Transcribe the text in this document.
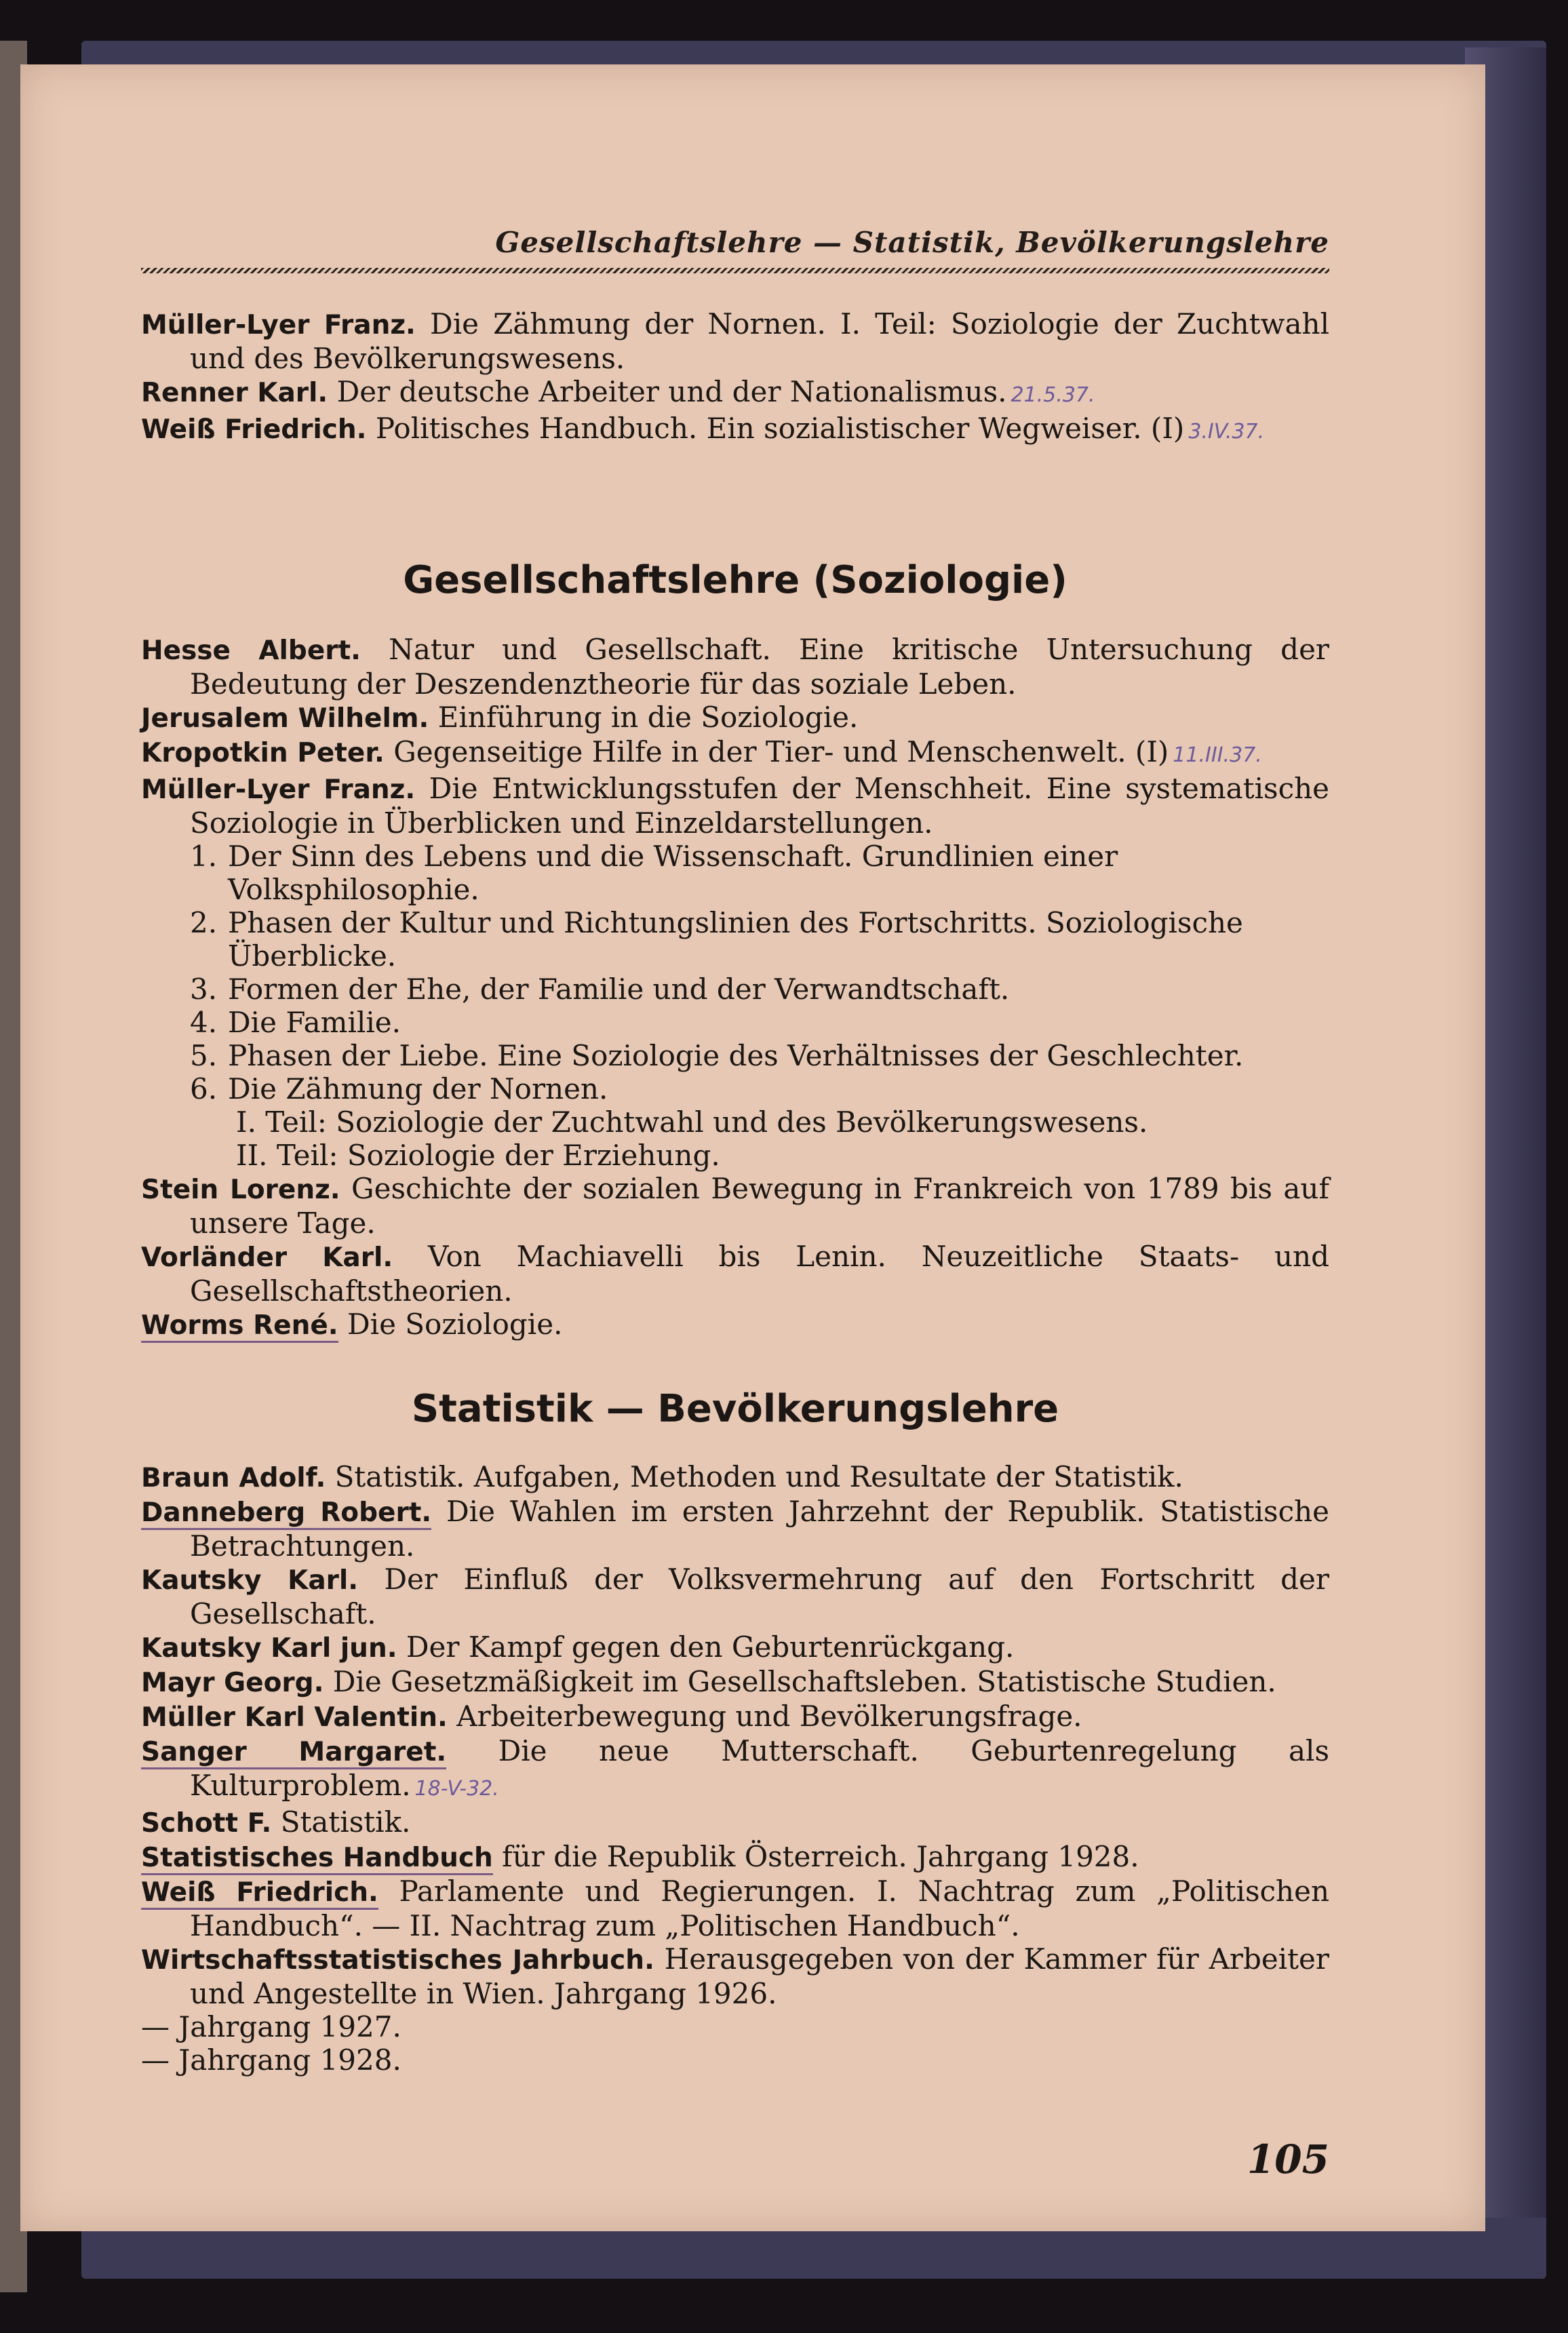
Gesellschaftslehre — Statistik, Bevölkerungslehre

Müller-Lyer Franz. Die Zähmung der Nornen. I. Teil: Soziologie der Zuchtwahl und des Bevölkerungswesens.

Renner Karl. Der deutsche Arbeiter und der Nationalismus. 21.5.37.

Weiß Friedrich. Politisches Handbuch. Ein sozialistischer Wegweiser. (I) 3.IV.37.

Gesellschaftslehre (Soziologie)

Hesse Albert. Natur und Gesellschaft. Eine kritische Untersuchung der Bedeutung der Deszendenztheorie für das soziale Leben.

Jerusalem Wilhelm. Einführung in die Soziologie.

Kropotkin Peter. Gegenseitige Hilfe in der Tier- und Menschenwelt. (I) 11.III.37.

Müller-Lyer Franz. Die Entwicklungsstufen der Menschheit. Eine systematische Soziologie in Überblicken und Einzeldarstellungen.

1. Der Sinn des Lebens und die Wissenschaft. Grundlinien einer Volksphilosophie.

2. Phasen der Kultur und Richtungslinien des Fortschritts. Soziologische Überblicke.

3. Formen der Ehe, der Familie und der Verwandtschaft.

4. Die Familie.

5. Phasen der Liebe. Eine Soziologie des Verhältnisses der Geschlechter.

6. Die Zähmung der Nornen.

I. Teil: Soziologie der Zuchtwahl und des Bevölkerungswesens.

II. Teil: Soziologie der Erziehung.

Stein Lorenz. Geschichte der sozialen Bewegung in Frankreich von 1789 bis auf unsere Tage.

Vorländer Karl. Von Machiavelli bis Lenin. Neuzeitliche Staats- und Gesellschaftstheorien.

Worms René. Die Soziologie.

Statistik — Bevölkerungslehre

Braun Adolf. Statistik. Aufgaben, Methoden und Resultate der Statistik.

Danneberg Robert. Die Wahlen im ersten Jahrzehnt der Republik. Statistische Betrachtungen.

Kautsky Karl. Der Einfluß der Volksvermehrung auf den Fortschritt der Gesellschaft.

Kautsky Karl jun. Der Kampf gegen den Geburtenrückgang.

Mayr Georg. Die Gesetzmäßigkeit im Gesellschaftsleben. Statistische Studien.

Müller Karl Valentin. Arbeiterbewegung und Bevölkerungsfrage.

Sanger Margaret. Die neue Mutterschaft. Geburtenregelung als Kulturproblem. 18-V-32.

Schott F. Statistik.

Statistisches Handbuch für die Republik Österreich. Jahrgang 1928.

Weiß Friedrich. Parlamente und Regierungen. I. Nachtrag zum „Politischen Handbuch“. — II. Nachtrag zum „Politischen Handbuch“.

Wirtschaftsstatistisches Jahrbuch. Herausgegeben von der Kammer für Arbeiter und Angestellte in Wien. Jahrgang 1926.

— Jahrgang 1927.

— Jahrgang 1928.

105
